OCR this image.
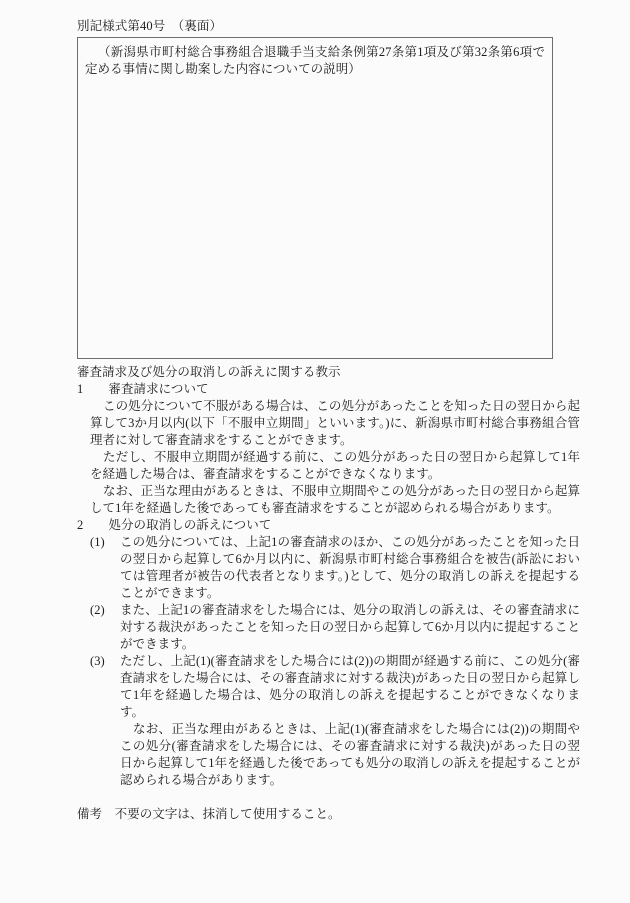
別記様式第40号　（裏面）

（新潟県市町村総合事務組合退職手当支給条例第27条第1項及び第32条第6項で定める事情に関し勘案した内容についての説明）

審査請求及び処分の取消しの訴えに関する教示

1　　 審査請求について

この処分について不服がある場合は、この処分があったことを知った日の翌日から起算して3か月以内(以下「不服申立期間」といいます。)に、新潟県市町村総合事務組合管理者に対して審査請求をすることができます。

ただし、不服申立期間が経過する前に、この処分があった日の翌日から起算して1年を経過した場合は、審査請求をすることができなくなります。

なお、正当な理由があるときは、不服申立期間やこの処分があった日の翌日から起算して1年を経過した後であっても審査請求をすることが認められる場合があります。

2　　 処分の取消しの訴えについて

(1)	この処分については、上記1の審査請求のほか、この処分があったことを知った日の翌日から起算して6か月以内に、新潟県市町村総合事務組合を被告(訴訟においては管理者が被告の代表者となります。)として、処分の取消しの訴えを提起することができます。

(2)	また、上記1の審査請求をした場合には、処分の取消しの訴えは、その審査請求に対する裁決があったことを知った日の翌日から起算して6か月以内に提起することができます。

(3)	ただし、上記(1)(審査請求をした場合には(2))の期間が経過する前に、この処分(審査請求をした場合には、その審査請求に対する裁決)があった日の翌日から起算して1年を経過した場合は、処分の取消しの訴えを提起することができなくなります。

なお、正当な理由があるときは、上記(1)(審査請求をした場合には(2))の期間やこの処分(審査請求をした場合には、その審査請求に対する裁決)があった日の翌日から起算して1年を経過した後であっても処分の取消しの訴えを提起することが認められる場合があります。

備考　不要の文字は、抹消して使用すること。
